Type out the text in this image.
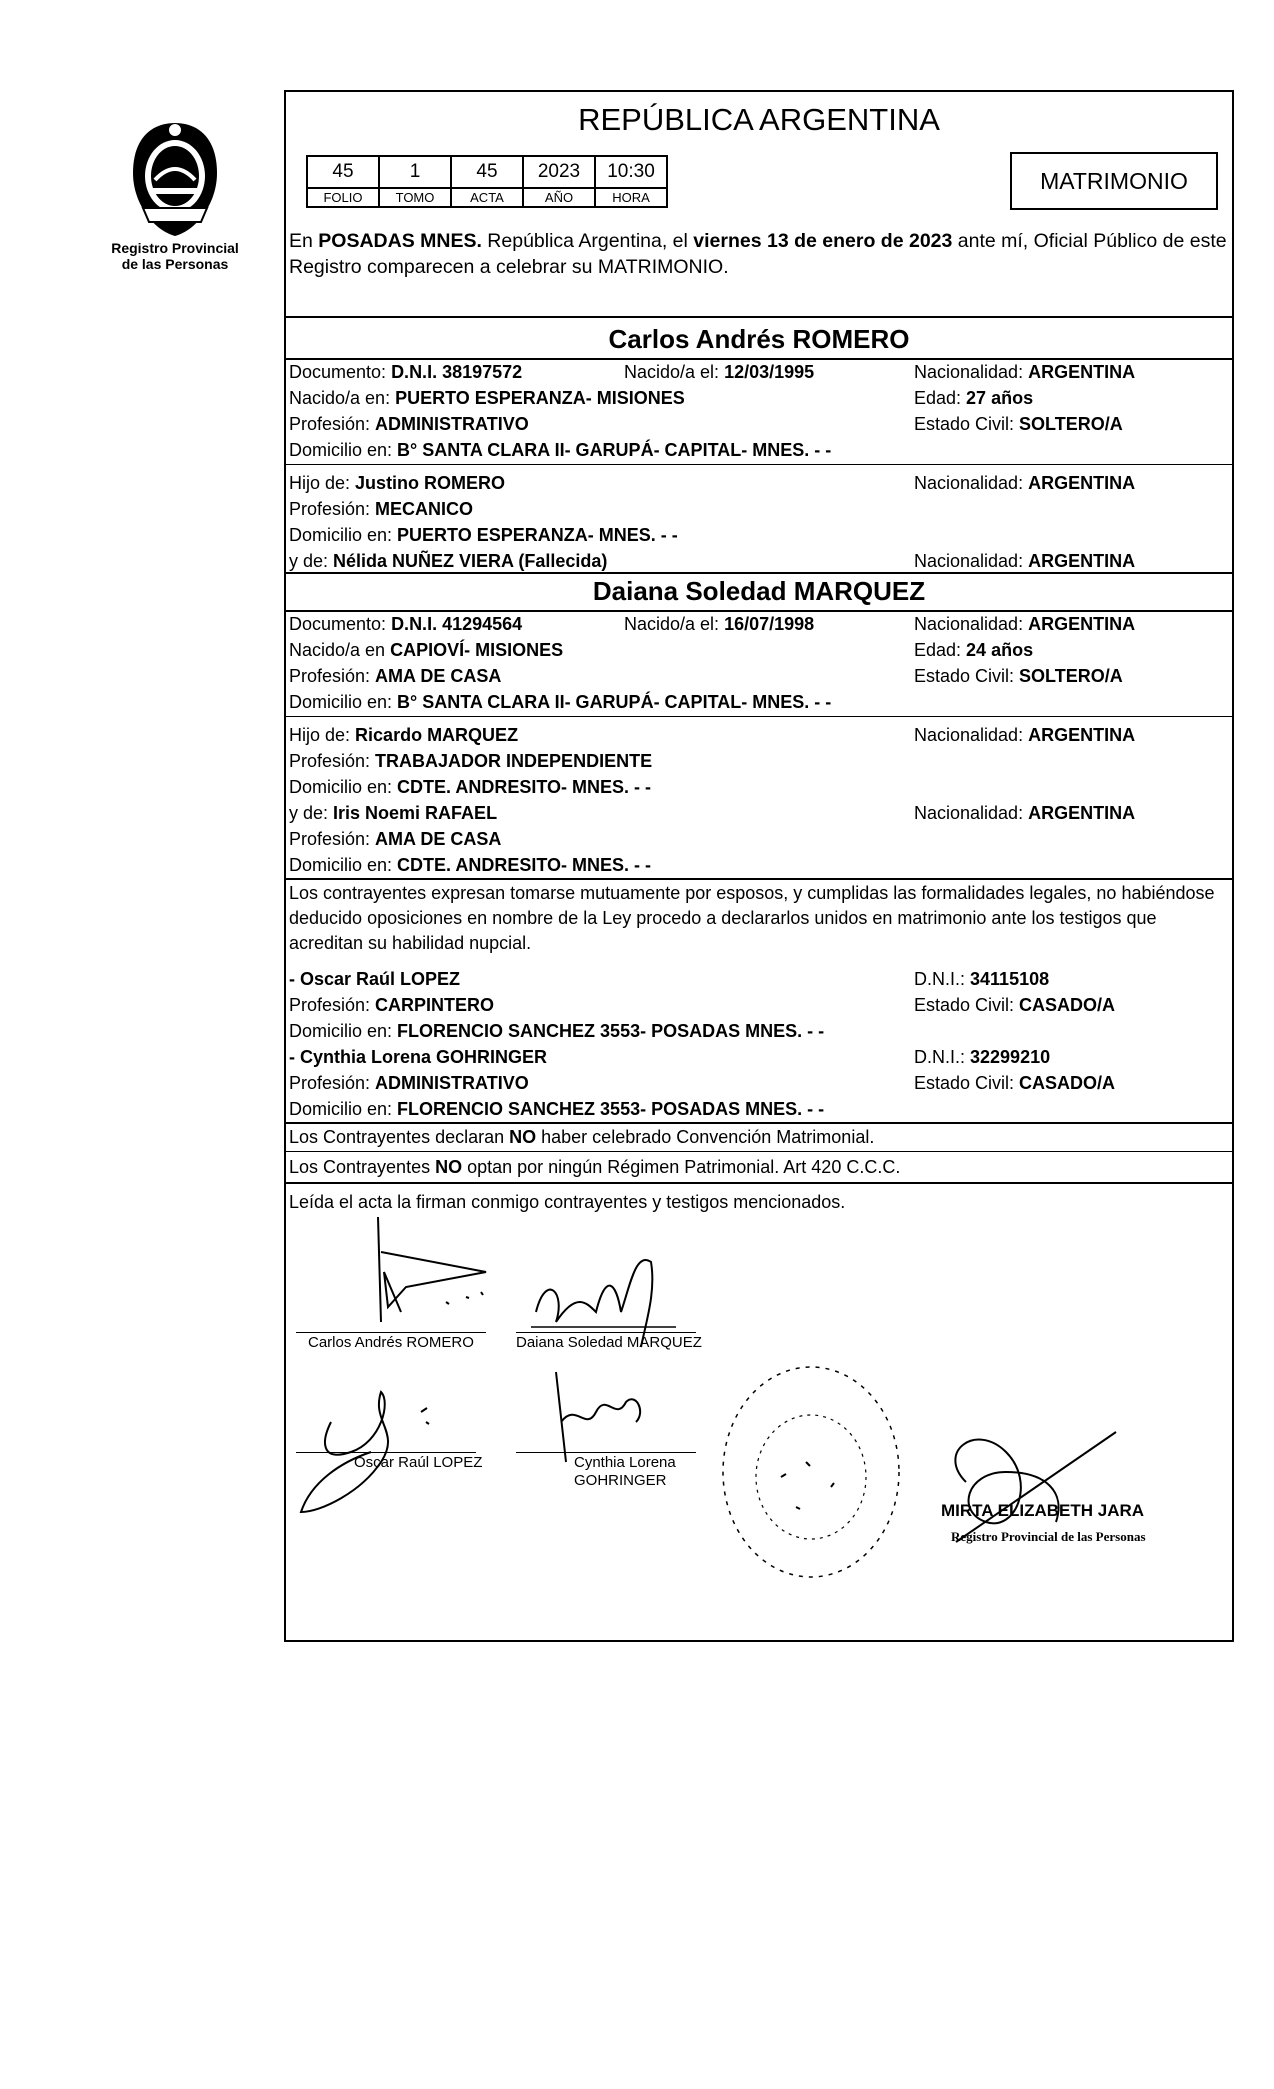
Registro Provincial
de las Personas
REPÚBLICA ARGENTINA
45	1	45	2023	10:30
FOLIO	TOMO	ACTA	AÑO	HORA
MATRIMONIO
En POSADAS MNES. República Argentina, el viernes 13 de enero de 2023 ante mí, Oficial Público de este Registro comparecen a celebrar su MATRIMONIO.
Carlos Andrés ROMERO
Documento: D.N.I. 38197572	Nacido/a el: 12/03/1995	Nacionalidad: ARGENTINA
Nacido/a en: PUERTO ESPERANZA- MISIONES	Edad: 27 años
Profesión: ADMINISTRATIVO	Estado Civil: SOLTERO/A
Domicilio en: B° SANTA CLARA II- GARUPÁ- CAPITAL- MNES. - -
Hijo de: Justino ROMERO	Nacionalidad: ARGENTINA
Profesión: MECANICO
Domicilio en: PUERTO ESPERANZA- MNES. - -
y de: Nélida NUÑEZ VIERA (Fallecida)	Nacionalidad: ARGENTINA
Daiana Soledad MARQUEZ
Documento: D.N.I. 41294564	Nacido/a el: 16/07/1998	Nacionalidad: ARGENTINA
Nacido/a en CAPIOVÍ- MISIONES	Edad: 24 años
Profesión: AMA DE CASA	Estado Civil: SOLTERO/A
Domicilio en: B° SANTA CLARA II- GARUPÁ- CAPITAL- MNES. - -
Hijo de: Ricardo MARQUEZ	Nacionalidad: ARGENTINA
Profesión: TRABAJADOR INDEPENDIENTE
Domicilio en: CDTE. ANDRESITO- MNES. - -
y de: Iris Noemi RAFAEL	Nacionalidad: ARGENTINA
Profesión: AMA DE CASA
Domicilio en: CDTE. ANDRESITO- MNES. - -
Los contrayentes expresan tomarse mutuamente por esposos, y cumplidas las formalidades legales, no habiéndose deducido oposiciones en nombre de la Ley procedo a declararlos unidos en matrimonio ante los testigos que acreditan su habilidad nupcial.
- Oscar Raúl LOPEZ	D.N.I.: 34115108
Profesión: CARPINTERO	Estado Civil: CASADO/A
Domicilio en: FLORENCIO SANCHEZ 3553- POSADAS MNES. - -
- Cynthia Lorena GOHRINGER	D.N.I.: 32299210
Profesión: ADMINISTRATIVO	Estado Civil: CASADO/A
Domicilio en: FLORENCIO SANCHEZ 3553- POSADAS MNES. - -
Los Contrayentes declaran NO haber celebrado Convención Matrimonial.
Los Contrayentes NO optan por ningún Régimen Patrimonial. Art 420 C.C.C.
Leída el acta la firman conmigo contrayentes y testigos mencionados.
Carlos Andrés ROMERO	Daiana Soledad MARQUEZ
Oscar Raúl LOPEZ	Cynthia Lorena
GOHRINGER
MIRTA ELIZABETH JARA
Registro Provincial de las Personas
